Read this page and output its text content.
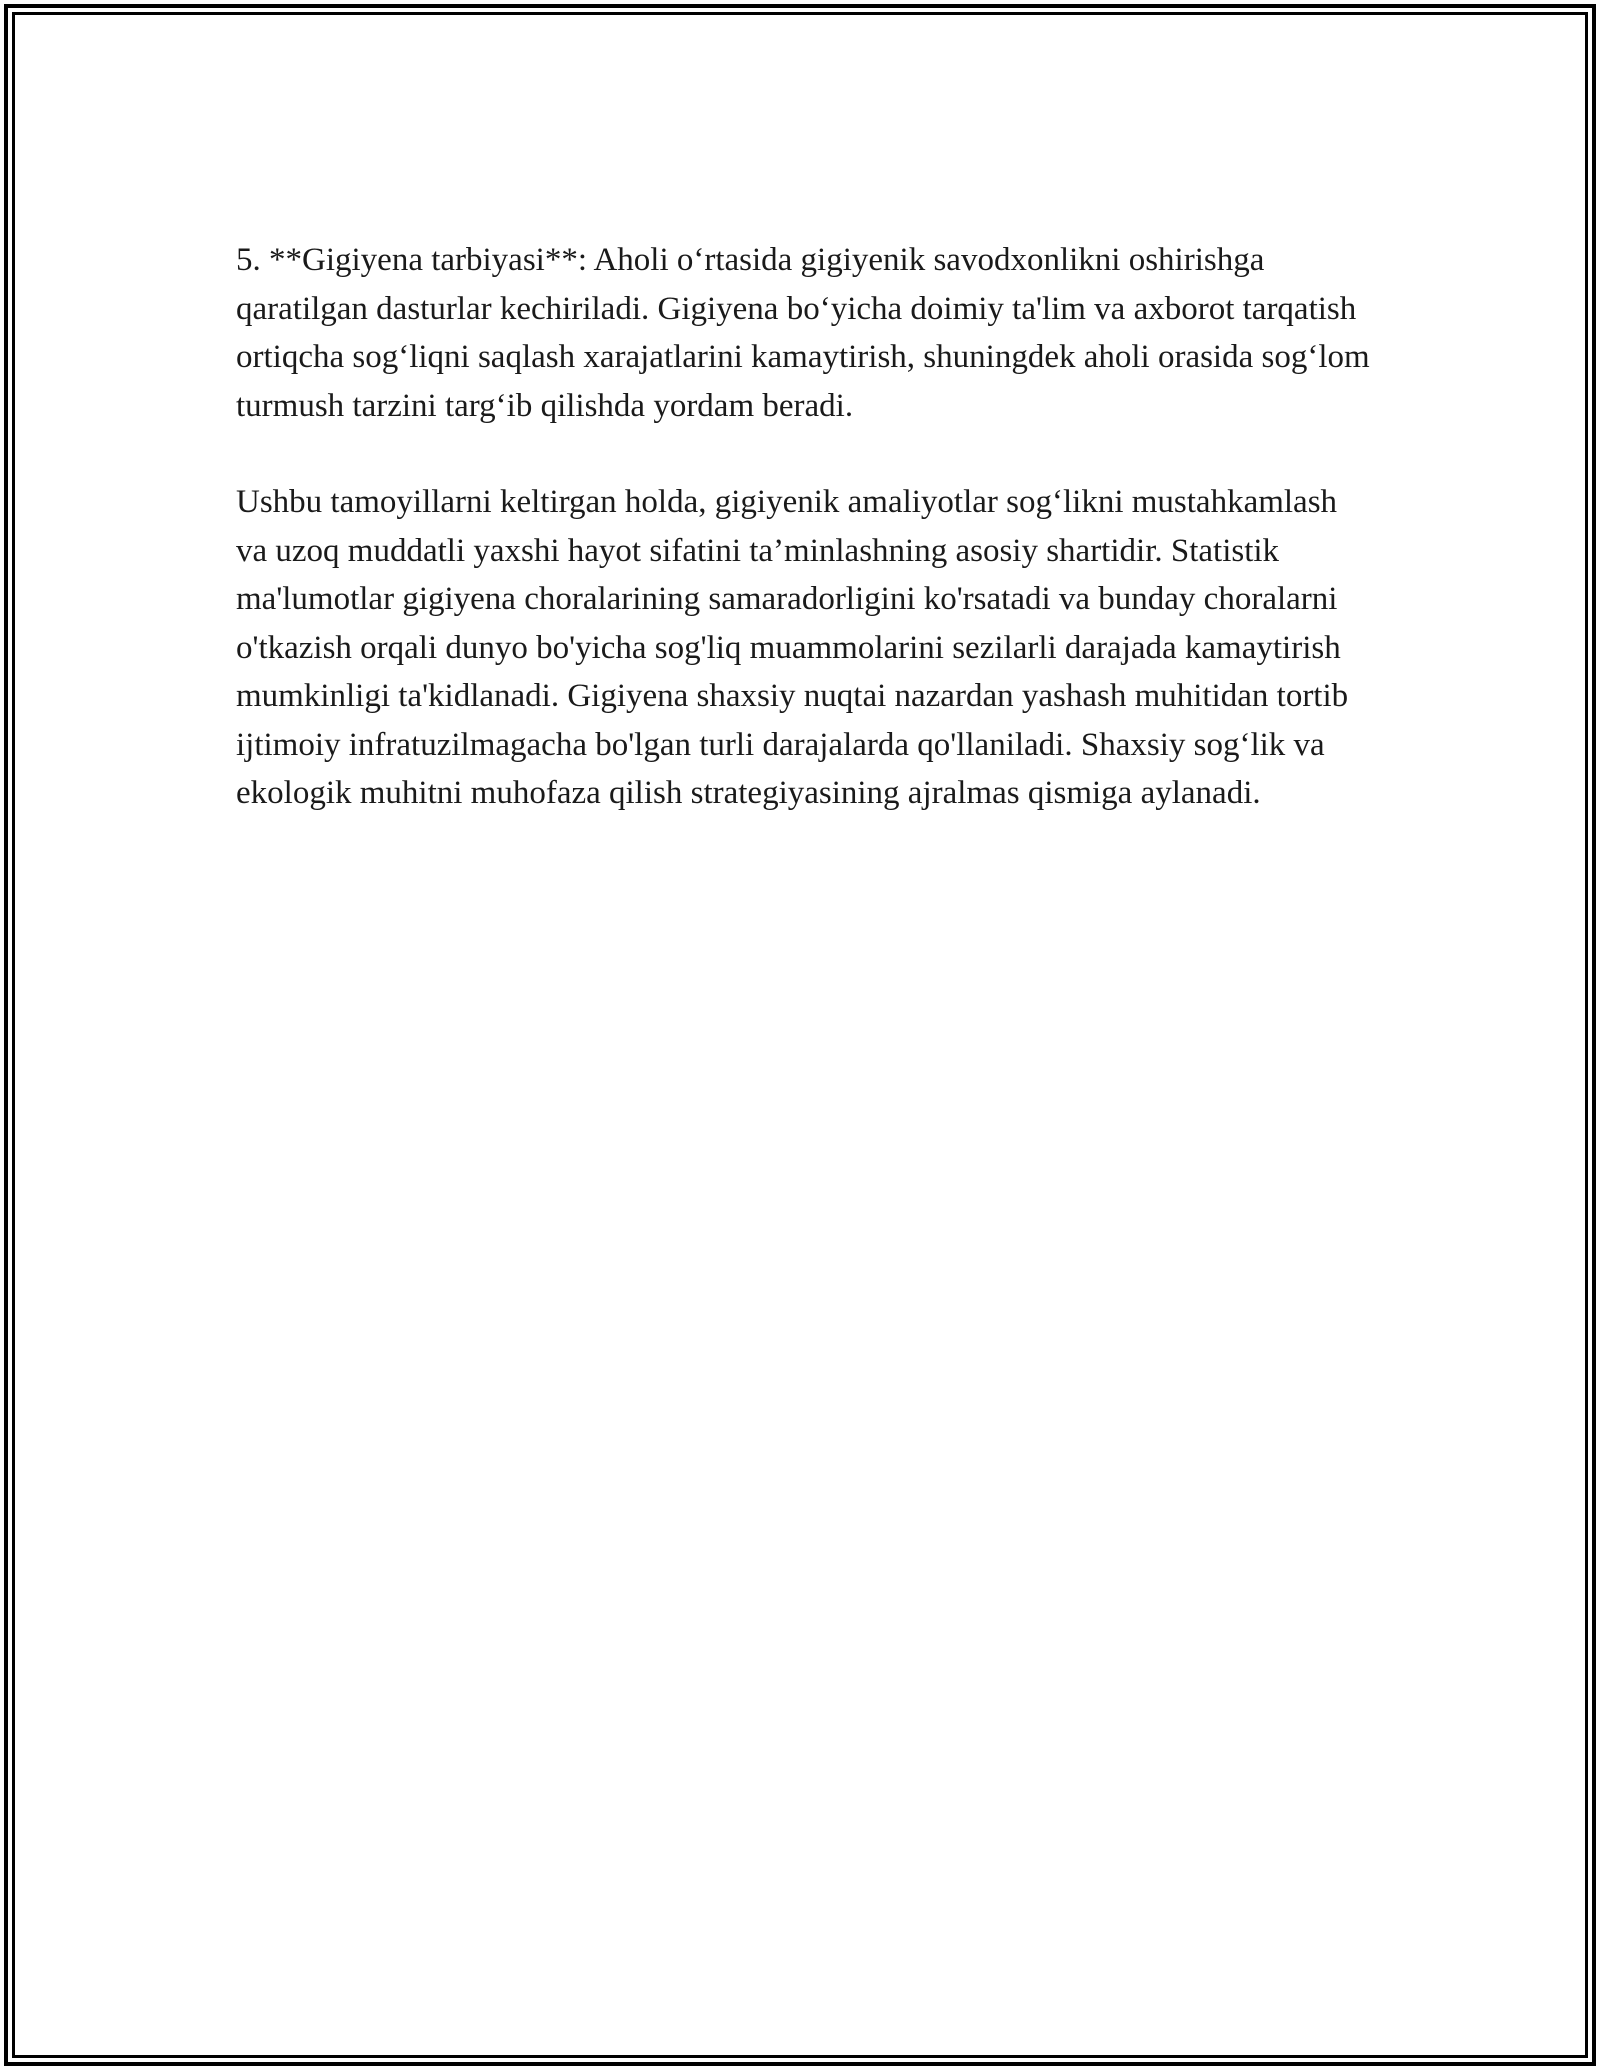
5. **Gigiyena tarbiyasi**: Aholi o‘rtasida gigiyenik savodxonlikni oshirishga qaratilgan dasturlar kechiriladi. Gigiyena bo‘yicha doimiy ta'lim va axborot tarqatish ortiqcha sog‘liqni saqlash xarajatlarini kamaytirish, shuningdek aholi orasida sog‘lom turmush tarzini targ‘ib qilishda yordam beradi.

Ushbu tamoyillarni keltirgan holda, gigiyenik amaliyotlar sog‘likni mustahkamlash va uzoq muddatli yaxshi hayot sifatini ta’minlashning asosiy shartidir. Statistik ma'lumotlar gigiyena choralarining samaradorligini ko'rsatadi va bunday choralarni o'tkazish orqali dunyo bo'yicha sog'liq muammolarini sezilarli darajada kamaytirish mumkinligi ta'kidlanadi. Gigiyena shaxsiy nuqtai nazardan yashash muhitidan tortib ijtimoiy infratuzilmagacha bo'lgan turli darajalarda qo'llaniladi. Shaxsiy sog‘lik va ekologik muhitni muhofaza qilish strategiyasining ajralmas qismiga aylanadi.
